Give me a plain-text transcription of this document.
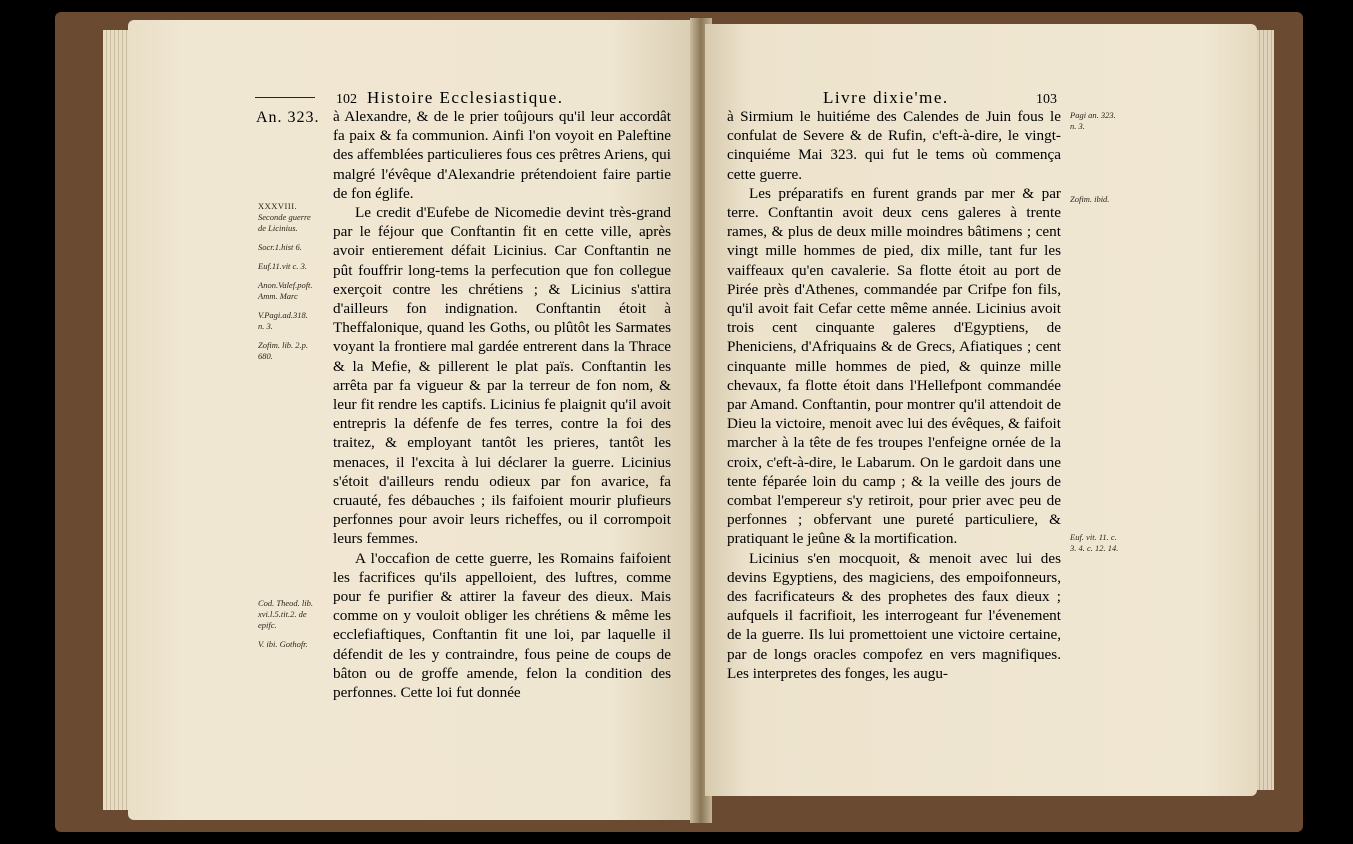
102 Histoire Ecclesiastique.
An. 323.
XXXVIII.
Seconde guerre
de Licinius.
Socr.1.hist 6.
Euf.11.vit c. 3.
Anon.Valef.poft.
Amm. Marc
V.Pagi.ad.318.
n. 3.
Zofim. lib. 2.p.
680.
Cod. Theod. lib.
xvi.l.5.tit.2. de
epifc.
V. ibi. Gothofr.

à Alexandre, & de le prier toûjours qu'il leur accordât fa paix & fa communion. Ainfi l'on voyoit en Paleftine des affemblées particulieres fous ces prêtres Ariens, qui malgré l'évêque d'Alexandrie prétendoient faire partie de fon églife.

Le credit d'Eufebe de Nicomedie devint très-grand par le féjour que Conftantin fit en cette ville, après avoir entierement défait Licinius. Car Conftantin ne pût fouffrir long-tems la perfecution que fon collegue exerçoit contre les chrétiens ; & Licinius s'attira d'ailleurs fon indignation. Conftantin étoit à Theffalonique, quand les Goths, ou plûtôt les Sarmates voyant la frontiere mal gardée entrerent dans la Thrace & la Mefie, & pillerent le plat païs. Conftantin les arrêta par fa vigueur & par la terreur de fon nom, & leur fit rendre les captifs. Licinius fe plaignit qu'il avoit entrepris la défenfe de fes terres, contre la foi des traitez, & employant tantôt les prieres, tantôt les menaces, il l'excita à lui déclarer la guerre. Licinius s'étoit d'ailleurs rendu odieux par fon avarice, fa cruauté, fes débauches ; ils faifoient mourir plufieurs perfonnes pour avoir leurs richeffes, ou il corrompoit leurs femmes.

A l'occafion de cette guerre, les Romains faifoient les facrifices qu'ils appelloient, des luftres, comme pour fe purifier & attirer la faveur des dieux. Mais comme on y vouloit obliger les chrétiens & même les ecclefiaftiques, Conftantin fit une loi, par laquelle il défendit de les y contraindre, fous peine de coups de bâton ou de groffe amende, felon la condition des perfonnes. Cette loi fut donnée

Livre dixie'me.	103

à Sirmium le huitiéme des Calendes de Juin fous le confulat de Severe & de Rufin, c'eft-à-dire, le vingt-cinquiéme Mai 323. qui fut le tems où commença cette guerre.

Les préparatifs en furent grands par mer & par terre. Conftantin avoit deux cens galeres à trente rames, & plus de deux mille moindres bâtimens ; cent vingt mille hommes de pied, dix mille, tant fur les vaiffeaux qu'en cavalerie. Sa flotte étoit au port de Pirée près d'Athenes, commandée par Crifpe fon fils, qu'il avoit fait Cefar cette même année. Licinius avoit trois cent cinquante galeres d'Egyptiens, de Pheniciens, d'Afriquains & de Grecs, Afiatiques ; cent cinquante mille hommes de pied, & quinze mille chevaux, fa flotte étoit dans l'Hellefpont commandée par Amand. Conftantin, pour montrer qu'il attendoit de Dieu la victoire, menoit avec lui des évêques, & faifoit marcher à la tête de fes troupes l'enfeigne ornée de la croix, c'eft-à-dire, le Labarum. On le gardoit dans une tente féparée loin du camp ; & la veille des jours de combat l'empereur s'y retiroit, pour prier avec peu de perfonnes ; obfervant une pureté particuliere, & pratiquant le jeûne & la mortification.

Licinius s'en mocquoit, & menoit avec lui des devins Egyptiens, des magiciens, des empoifonneurs, des facrificateurs & des prophetes des faux dieux ; aufquels il facrifioit, les interrogeant fur l'évenement de la guerre. Ils lui promettoient une victoire certaine, par de longs oracles compofez en vers magnifiques. Les interpretes des fonges, les augu-

Pagi an. 323.
n. 3.
Zofim. ibid.
Euf. vit. 11. c.
3. 4. c. 12. 14.
